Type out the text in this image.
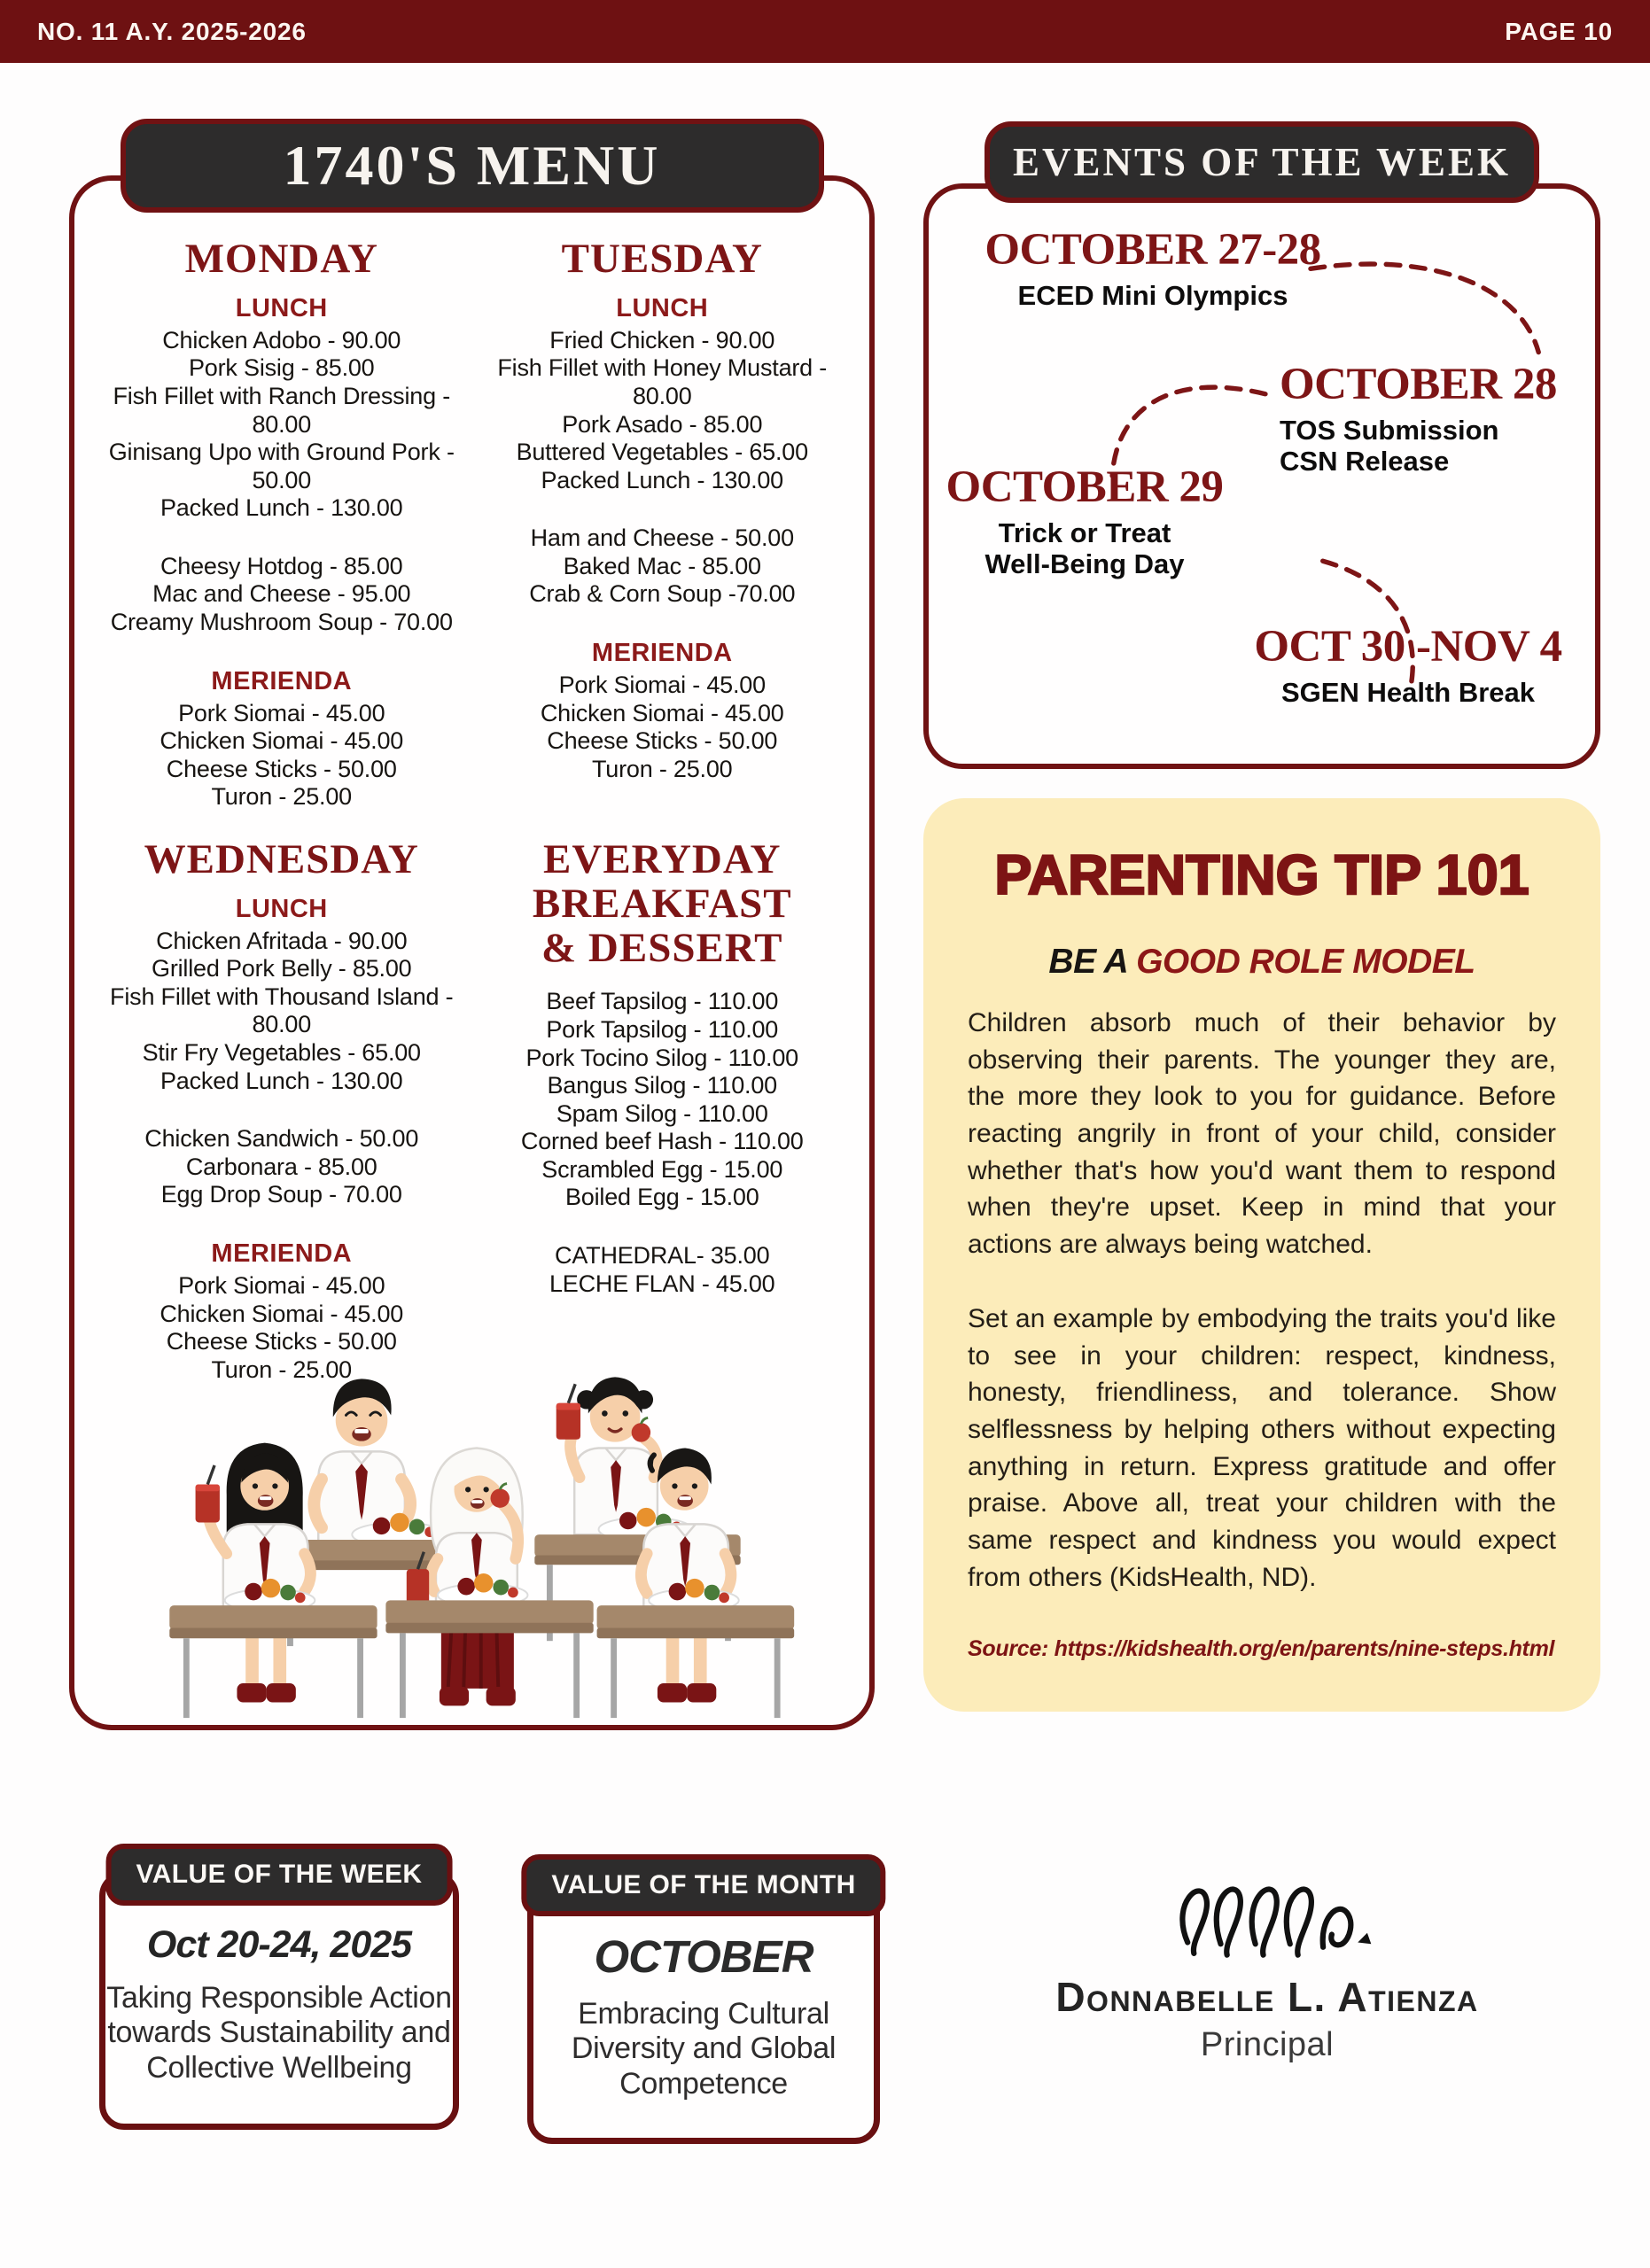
NO. 11 A.Y. 2025-2026	PAGE 10
1740'S MENU
MONDAY
LUNCH
Chicken Adobo - 90.00
Pork Sisig - 85.00
Fish Fillet with Ranch Dressing - 80.00
Ginisang Upo with Ground Pork - 50.00
Packed Lunch - 130.00
Cheesy Hotdog - 85.00
Mac and Cheese - 95.00
Creamy Mushroom Soup - 70.00
MERIENDA
Pork Siomai - 45.00
Chicken Siomai - 45.00
Cheese Sticks - 50.00
Turon - 25.00
TUESDAY
LUNCH
Fried Chicken - 90.00
Fish Fillet with Honey Mustard - 80.00
Pork Asado - 85.00
Buttered Vegetables - 65.00
Packed Lunch - 130.00
Ham and Cheese - 50.00
Baked Mac - 85.00
Crab & Corn Soup -70.00
MERIENDA
Pork Siomai - 45.00
Chicken Siomai - 45.00
Cheese Sticks - 50.00
Turon - 25.00
WEDNESDAY
LUNCH
Chicken Afritada - 90.00
Grilled Pork Belly - 85.00
Fish Fillet with Thousand Island - 80.00
Stir Fry Vegetables - 65.00
Packed Lunch - 130.00
Chicken Sandwich - 50.00
Carbonara - 85.00
Egg Drop Soup - 70.00
MERIENDA
Pork Siomai - 45.00
Chicken Siomai - 45.00
Cheese Sticks - 50.00
Turon - 25.00
EVERYDAY
BREAKFAST
& DESSERT
Beef Tapsilog - 110.00
Pork Tapsilog - 110.00
Pork Tocino Silog - 110.00
Bangus Silog - 110.00
Spam Silog - 110.00
Corned beef Hash - 110.00
Scrambled Egg - 15.00
Boiled Egg - 15.00
CATHEDRAL- 35.00
LECHE FLAN - 45.00
EVENTS OF THE WEEK
OCTOBER 27-28
ECED Mini Olympics
OCTOBER 28
TOS Submission
CSN Release
OCTOBER 29
Trick or Treat
Well-Being Day
OCT 30 -NOV 4
SGEN Health Break
PARENTING TIP 101
BE A GOOD ROLE MODEL

Children absorb much of their behavior by observing their parents. The younger they are, the more they look to you for guidance. Before reacting angrily in front of your child, consider whether that's how you'd want them to respond when they're upset. Keep in mind that your actions are always being watched.

Set an example by embodying the traits you'd like to see in your children: respect, kindness, honesty, friendliness, and tolerance. Show selflessness by helping others without expecting anything in return. Express gratitude and offer praise. Above all, treat your children with the same respect and kindness you would expect from others (KidsHealth, ND).

Source: https://kidshealth.org/en/parents/nine-steps.html
VALUE OF THE WEEK
Oct 20-24, 2025
Taking Responsible Action towards Sustainability and Collective Wellbeing
VALUE OF THE MONTH
OCTOBER
Embracing Cultural Diversity and Global Competence
Donnabelle L. Atienza
Principal
